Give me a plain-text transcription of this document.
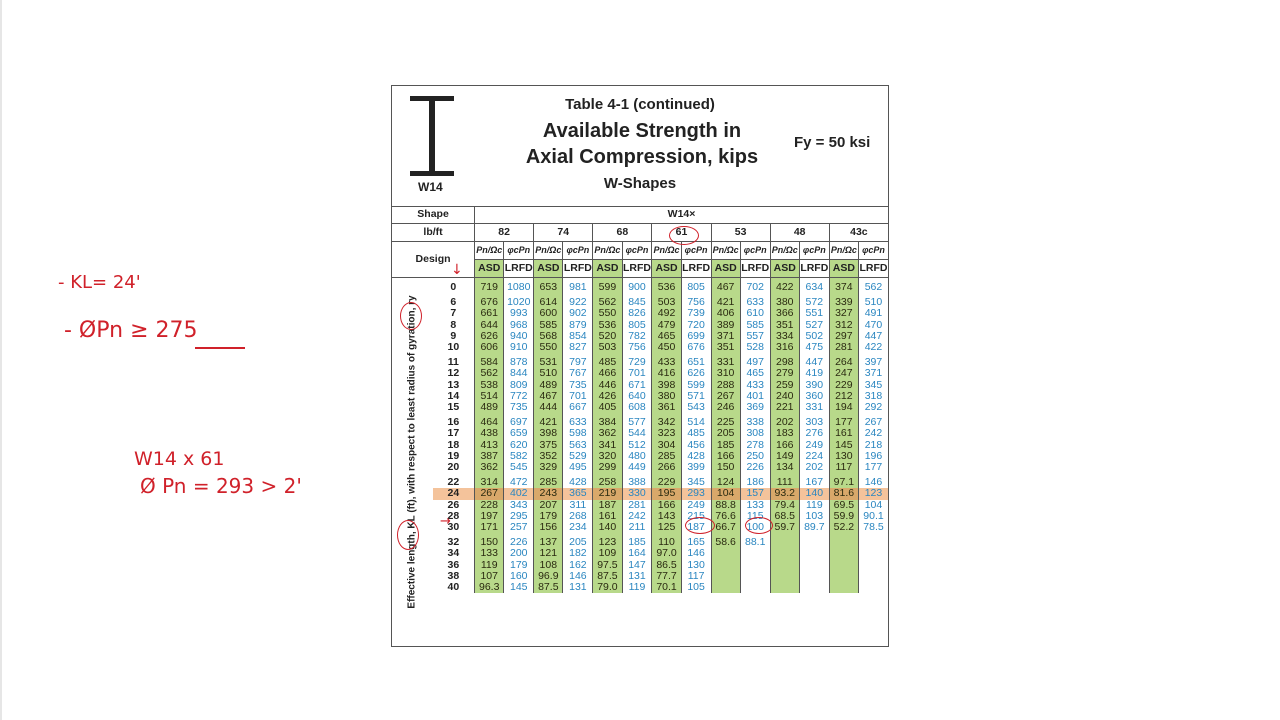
- KL= 24'
- ØPn ≥ 275
W14 x 61
Ø Pn = 293 > 2'
W14
Table 4-1 (continued)
Available Strength in
Axial Compression, kips
W-Shapes
Fy = 50 ksi
Shape		W14×													
lb/ft		82		74		68		61		53		48		43c	
Design		Pn/Ωc	φcPn	Pn/Ωc	φcPn	Pn/Ωc	φcPn	Pn/Ωc	φcPn	Pn/Ωc	φcPn	Pn/Ωc	φcPn	Pn/Ωc	φcPn
		ASD	LRFD	ASD	LRFD	ASD	LRFD	ASD	LRFD	ASD	LRFD	ASD	LRFD	ASD	LRFD
	0	719	1080	653	981	599	900	536	805	467	702	422	634	374	562
	6	676	1020	614	922	562	845	503	756	421	633	380	572	339	510
	7	661	993	600	902	550	826	492	739	406	610	366	551	327	491
	8	644	968	585	879	536	805	479	720	389	585	351	527	312	470
	9	626	940	568	854	520	782	465	699	371	557	334	502	297	447
	10	606	910	550	827	503	756	450	676	351	528	316	475	281	422
	11	584	878	531	797	485	729	433	651	331	497	298	447	264	397
	12	562	844	510	767	466	701	416	626	310	465	279	419	247	371
	13	538	809	489	735	446	671	398	599	288	433	259	390	229	345
	14	514	772	467	701	426	640	380	571	267	401	240	360	212	318
	15	489	735	444	667	405	608	361	543	246	369	221	331	194	292
	16	464	697	421	633	384	577	342	514	225	338	202	303	177	267
	17	438	659	398	598	362	544	323	485	205	308	183	276	161	242
	18	413	620	375	563	341	512	304	456	185	278	166	249	145	218
	19	387	582	352	529	320	480	285	428	166	250	149	224	130	196
	20	362	545	329	495	299	449	266	399	150	226	134	202	117	177
	22	314	472	285	428	258	388	229	345	124	186	111	167	97.1	146
	24	267	402	243	365	219	330	195	293	104	157	93.2	140	81.6	123
	26	228	343	207	311	187	281	166	249	88.8	133	79.4	119	69.5	104
	28	197	295	179	268	161	242	143	215	76.6	115	68.5	103	59.9	90.1
	30	171	257	156	234	140	211	125	187	66.7	100	59.7	89.7	52.2	78.5
	32	150	226	137	205	123	185	110	165	58.6	88.1				
	34	133	200	121	182	109	164	97.0	146						
	36	119	179	108	162	97.5	147	86.5	130						
	38	107	160	96.9	146	87.5	131	77.7	117						
	40	96.3	145	87.5	131	79.0	119	70.1	105						
Effective length, KL (ft), with respect to least radius of gyration, ry →
↓
